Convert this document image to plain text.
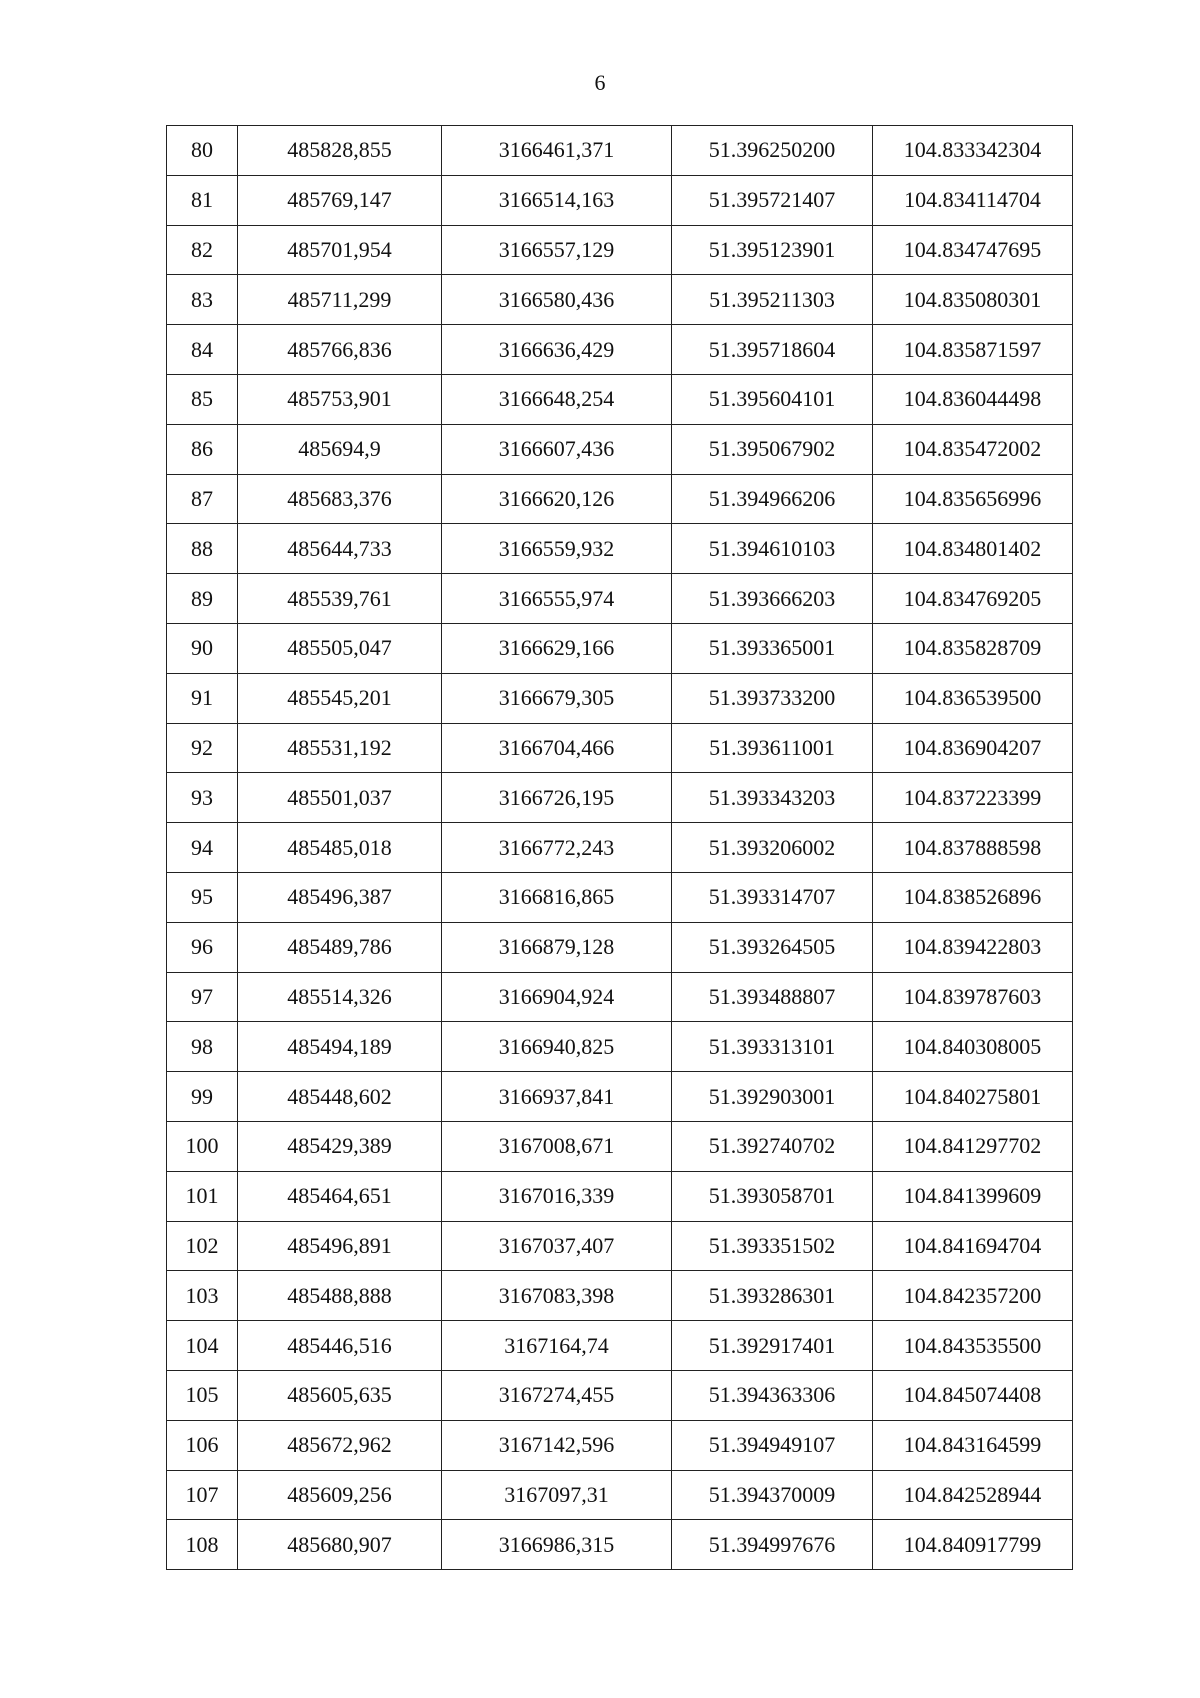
6
80	485828,855	3166461,371	51.396250200	104.833342304
81	485769,147	3166514,163	51.395721407	104.834114704
82	485701,954	3166557,129	51.395123901	104.834747695
83	485711,299	3166580,436	51.395211303	104.835080301
84	485766,836	3166636,429	51.395718604	104.835871597
85	485753,901	3166648,254	51.395604101	104.836044498
86	485694,9	3166607,436	51.395067902	104.835472002
87	485683,376	3166620,126	51.394966206	104.835656996
88	485644,733	3166559,932	51.394610103	104.834801402
89	485539,761	3166555,974	51.393666203	104.834769205
90	485505,047	3166629,166	51.393365001	104.835828709
91	485545,201	3166679,305	51.393733200	104.836539500
92	485531,192	3166704,466	51.393611001	104.836904207
93	485501,037	3166726,195	51.393343203	104.837223399
94	485485,018	3166772,243	51.393206002	104.837888598
95	485496,387	3166816,865	51.393314707	104.838526896
96	485489,786	3166879,128	51.393264505	104.839422803
97	485514,326	3166904,924	51.393488807	104.839787603
98	485494,189	3166940,825	51.393313101	104.840308005
99	485448,602	3166937,841	51.392903001	104.840275801
100	485429,389	3167008,671	51.392740702	104.841297702
101	485464,651	3167016,339	51.393058701	104.841399609
102	485496,891	3167037,407	51.393351502	104.841694704
103	485488,888	3167083,398	51.393286301	104.842357200
104	485446,516	3167164,74	51.392917401	104.843535500
105	485605,635	3167274,455	51.394363306	104.845074408
106	485672,962	3167142,596	51.394949107	104.843164599
107	485609,256	3167097,31	51.394370009	104.842528944
108	485680,907	3166986,315	51.394997676	104.840917799
